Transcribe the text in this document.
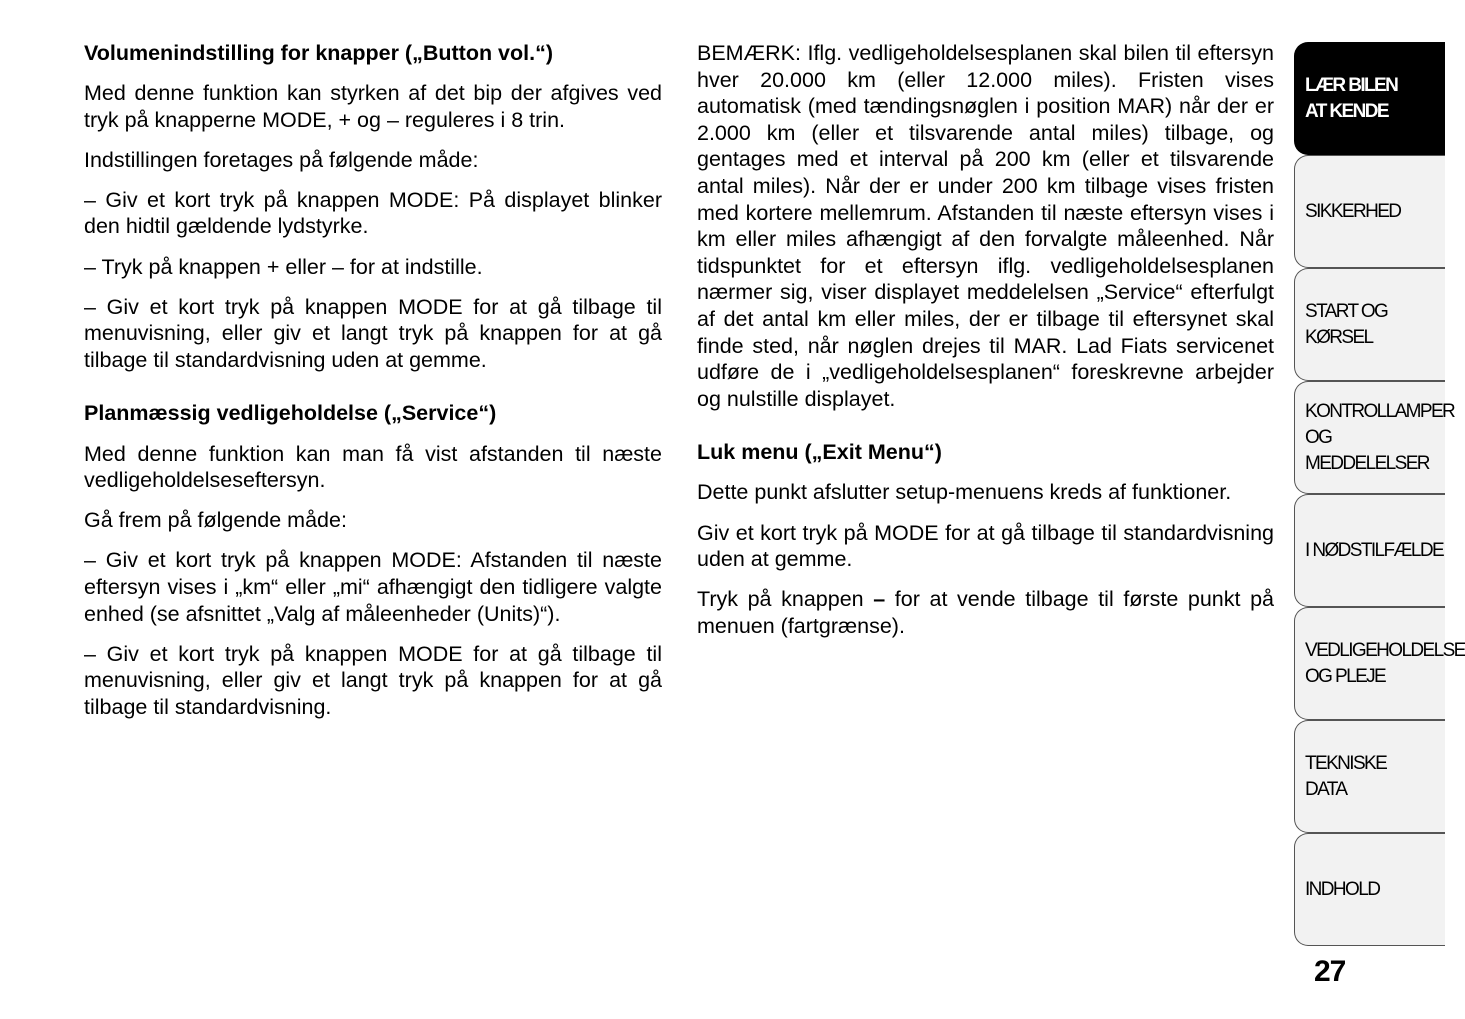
Volumenindstilling for knapper („Button vol.“)

Med denne funktion kan styrken af det bip der afgives ved tryk på knapperne MODE, + og – reguleres i 8 trin.

Indstillingen foretages på følgende måde:

– Giv et kort tryk på knappen MODE: På displayet blinker den hidtil gældende lydstyrke.

– Tryk på knappen + eller – for at indstille.

– Giv et kort tryk på knappen MODE for at gå tilbage til menuvisning, eller giv et langt tryk på knappen for at gå tilbage til standardvisning uden at gemme.

Planmæssig vedligeholdelse („Service“)

Med denne funktion kan man få vist afstanden til næste vedligeholdelseseftersyn.

Gå frem på følgende måde:

– Giv et kort tryk på knappen MODE: Afstanden til næste eftersyn vises i „km“ eller „mi“ afhængigt den tidligere valgte enhed (se afsnittet „Valg af måleenheder (Units)“).

– Giv et kort tryk på knappen MODE for at gå tilbage til menuvisning, eller giv et langt tryk på knappen for at gå tilbage til standardvisning.

BEMÆRK: Iflg. vedligeholdelsesplanen skal bilen til eftersyn hver 20.000 km (eller 12.000 miles). Fristen vises automatisk (med tændingsnøglen i position MAR) når der er 2.000 km (eller et tilsvarende antal miles) tilbage, og gentages med et interval på 200 km (eller et tilsvarende antal miles). Når der er under 200 km tilbage vises fristen med kortere mellemrum. Afstanden til næste eftersyn vises i km eller miles afhængigt af den forvalgte måleenhed. Når tidspunktet for et eftersyn iflg. vedligeholdelsesplanen nærmer sig, viser displayet meddelelsen „Service“ efterfulgt af det antal km eller miles, der er tilbage til eftersynet skal finde sted, når nøglen drejes til MAR. Lad Fiats servicenet udføre de i „vedligeholdelsesplanen“ foreskrevne arbejder og nulstille displayet.

Luk menu („Exit Menu“)

Dette punkt afslutter setup-menuens kreds af funktioner.

Giv et kort tryk på MODE for at gå tilbage til standardvisning uden at gemme.

Tryk på knappen – for at vende tilbage til første punkt på menuen (fartgrænse).

LÆR BILEN
AT KENDE
SIKKERHED
START OG
KØRSEL
KONTROLLAMPER
OG MEDDELELSER
I NØDSTILFÆLDE
VEDLIGEHOLDELSE
OG PLEJE
TEKNISKE
DATA
INDHOLD
27
